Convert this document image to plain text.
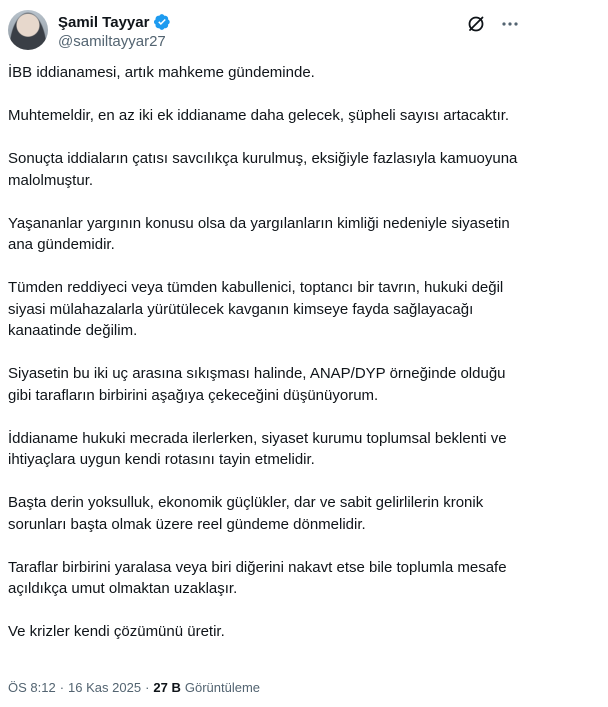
Şamil Tayyar
@samiltayyar27

İBB iddianamesi, artık mahkeme gündeminde.

Muhtemeldir, en az iki ek iddianame daha gelecek, şüpheli sayısı artacaktır.

Sonuçta iddiaların çatısı savcılıkça kurulmuş, eksiğiyle fazlasıyla kamuoyuna malolmuştur.

Yaşananlar yargının konusu olsa da yargılanların kimliği nedeniyle siyasetin ana gündemidir.

Tümden reddiyeci veya tümden kabullenici, toptancı bir tavrın, hukuki değil siyasi mülahazalarla yürütülecek kavganın kimseye fayda sağlayacağı kanaatinde değilim.

Siyasetin bu iki uç arasına sıkışması halinde, ANAP/DYP örneğinde olduğu gibi tarafların birbirini aşağıya çekeceğini düşünüyorum.

İddianame hukuki mecrada ilerlerken, siyaset kurumu toplumsal beklenti ve ihtiyaçlara uygun kendi rotasını tayin etmelidir.

Başta derin yoksulluk, ekonomik güçlükler, dar ve sabit gelirlilerin kronik sorunları başta olmak üzere reel gündeme dönmelidir.

Taraflar birbirini yaralasa veya biri diğerini nakavt etse bile toplumla mesafe açıldıkça umut olmaktan uzaklaşır.

Ve krizler kendi çözümünü üretir.

ÖS 8:12 · 16 Kas 2025 · 27 B Görüntüleme
